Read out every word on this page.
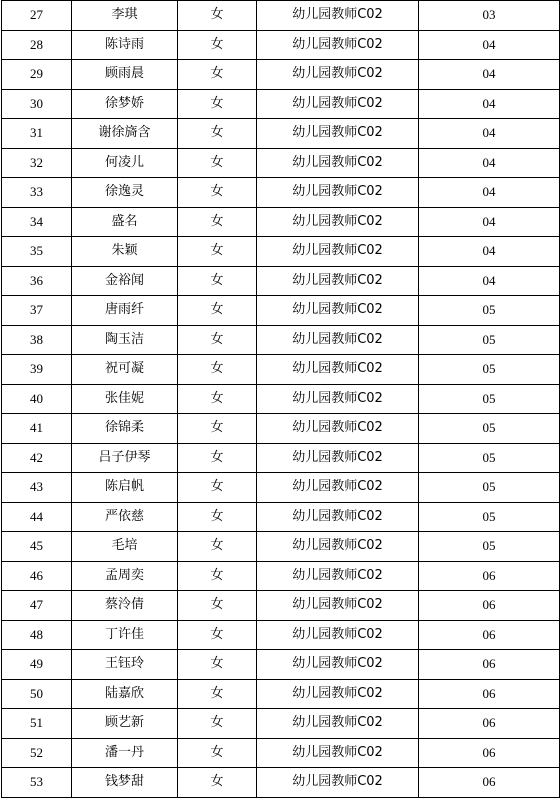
27	李琪	女	幼儿园教师C02	03
28	陈诗雨	女	幼儿园教师C02	04
29	顾雨晨	女	幼儿园教师C02	04
30	徐梦娇	女	幼儿园教师C02	04
31	谢徐旖含	女	幼儿园教师C02	04
32	何凌儿	女	幼儿园教师C02	04
33	徐逸灵	女	幼儿园教师C02	04
34	盛名	女	幼儿园教师C02	04
35	朱颖	女	幼儿园教师C02	04
36	金裕闻	女	幼儿园教师C02	04
37	唐雨纤	女	幼儿园教师C02	05
38	陶玉洁	女	幼儿园教师C02	05
39	祝可凝	女	幼儿园教师C02	05
40	张佳妮	女	幼儿园教师C02	05
41	徐锦柔	女	幼儿园教师C02	05
42	吕子伊琴	女	幼儿园教师C02	05
43	陈启帆	女	幼儿园教师C02	05
44	严依慈	女	幼儿园教师C02	05
45	毛培	女	幼儿园教师C02	05
46	孟周奕	女	幼儿园教师C02	06
47	蔡泠倩	女	幼儿园教师C02	06
48	丁许佳	女	幼儿园教师C02	06
49	王钰玲	女	幼儿园教师C02	06
50	陆嘉欣	女	幼儿园教师C02	06
51	顾艺新	女	幼儿园教师C02	06
52	潘一丹	女	幼儿园教师C02	06
53	钱梦甜	女	幼儿园教师C02	06
